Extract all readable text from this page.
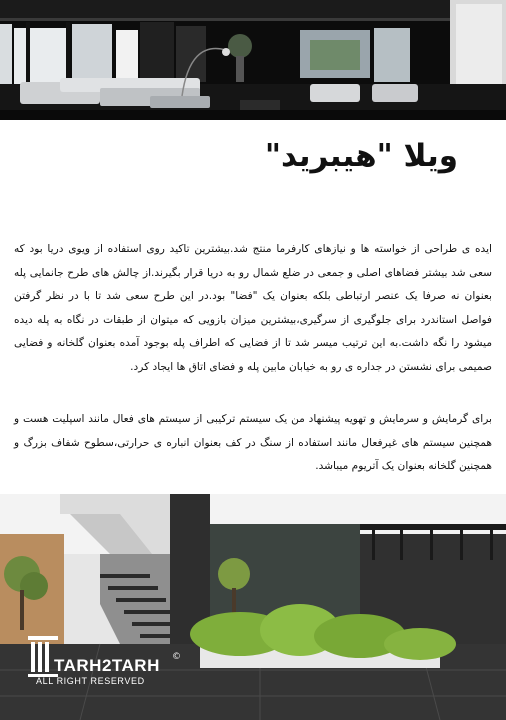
ویلا "هیبرید"

ایده ی طراحی از خواسته ها و نیازهای کارفرما منتج شد.بیشترین تاکید روی استفاده از ویوی دریا بود که سعی شد بیشتر فضاهای اصلی و جمعی در ضلع شمال رو به دریا قرار بگیرند.از چالش های طرح جانمایی پله بعنوان نه صرفا یک عنصر ارتباطی بلکه بعنوان یک "فضا" بود.در این طرح سعی شد تا با در نظر گرفتن فواصل استاندرد برای جلوگیری از سرگیری،بیشترین میزان بازویی که میتوان از طبقات در نگاه به پله دیده میشود را نگه داشت.به این ترتیب میسر شد تا از فضایی که اطراف پله بوجود آمده بعنوان گلخانه و فضایی صمیمی برای نشستن در جداره ی رو به خیابان مابین پله و فضای اتاق ها ایجاد کرد.

برای گرمایش و سرمایش و تهویه پیشنهاد من یک سیستم ترکیبی از سیستم های فعال مانند اسپلیت هست و همچنین سیستم های غیرفعال مانند استفاده از سنگ در کف بعنوان انباره ی حرارتی،سطوح شفاف بزرگ و همچنین گلخانه بعنوان یک آتریوم میباشد.

TARH2TARH ©
ALL RIGHT RESERVED
